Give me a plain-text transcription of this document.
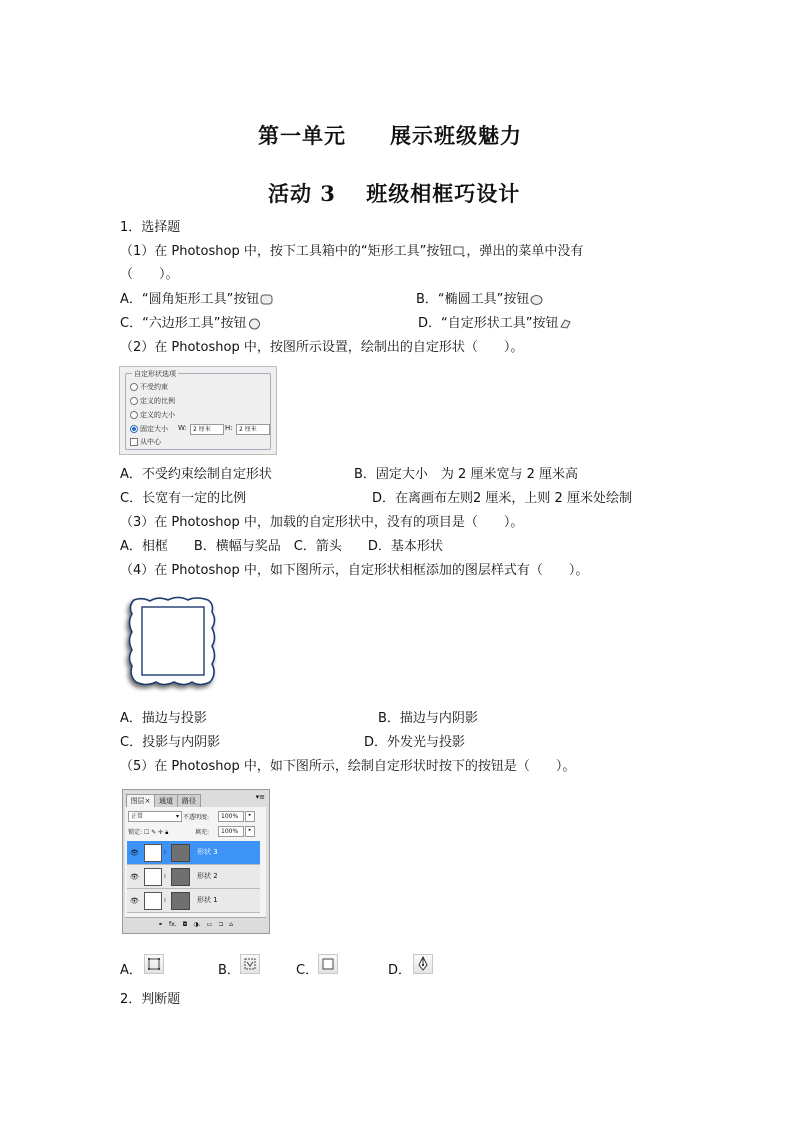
第一单元　　展示班级魅力
活动 3　 班级相框巧设计
1．选择题
（1）在 Photoshop 中，按下工具箱中的“矩形工具”按钮 ，弹出的菜单中没有
（　　）。
A．“圆角矩形工具”按钮	B．“椭圆工具”按钮
C．“六边形工具”按钮	D．“自定形状工具”按钮
（2）在 Photoshop 中，按图所示设置，绘制出的自定形状（　　）。
自定形状选项
不受约束
定义的比例
定义的大小
固定大小 W:	2 厘米	H:	2 厘米
从中心
A．不受约束绘制自定形状	B．固定大小　为 2 厘米宽与 2 厘米高
C．长宽有一定的比例	D．在离画布左则2 厘米，上则 2 厘米处绘制
（3）在 Photoshop 中，加载的自定形状中，没有的项目是（　　）。
A．相框　　B．横幅与奖品　C．箭头　　D．基本形状
（4）在 Photoshop 中，如下图所示，自定形状相框添加的图层样式有（　　）。
A．描边与投影	B．描边与内阴影
C．投影与内阴影	D．外发光与投影
（5）在 Photoshop 中，如下图所示，绘制自定形状时按下的按钮是（　　）。
图层×	通道	路径	▾≡
正常	▾ 不透明度:	100%	▸
锁定: ☐ ✎ ✛ 🔒︎	填充:	100%	▸
👁︎	⁞	形状 3
👁︎	⁞	形状 2
👁︎	⁞	形状 1
⚭　fx.　◘　◑.　▭　⊐　⌂
A．	B．	C．	D．
2．判断题
